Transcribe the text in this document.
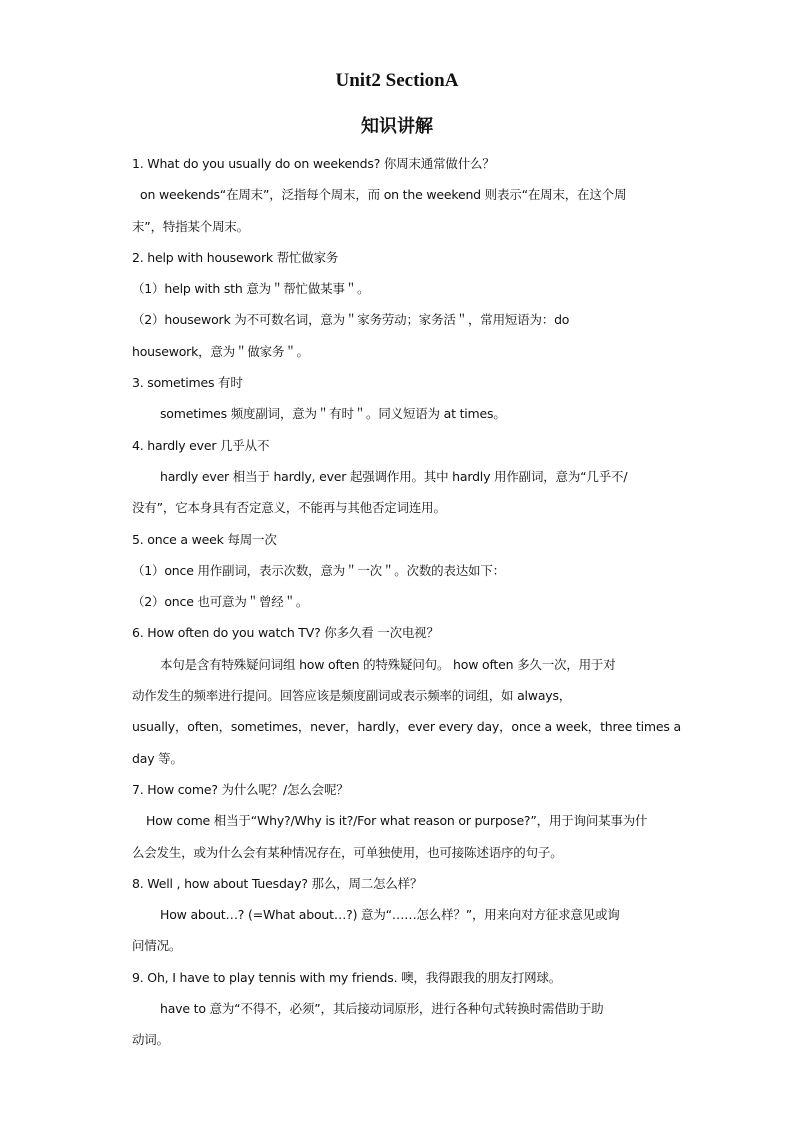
Unit2 SectionA
知识讲解
1. What do you usually do on weekends? 你周末通常做什么？
on weekends“在周末”，泛指每个周末，而 on the weekend 则表示“在周末，在这个周
末”，特指某个周末。
2. help with housework 帮忙做家务
（1）help with sth 意为＂帮忙做某事＂。
（2）housework 为不可数名词，意为＂家务劳动；家务活＂，常用短语为：do
housework，意为＂做家务＂。
3. sometimes 有时
sometimes 频度副词，意为＂有时＂。同义短语为 at times。
4. hardly ever 几乎从不
hardly ever 相当于 hardly, ever 起强调作用。其中 hardly 用作副词，意为“几乎不/
没有”，它本身具有否定意义，不能再与其他否定词连用。
5. once a week 每周一次
（1）once 用作副词，表示次数，意为＂一次＂。次数的表达如下：
（2）once 也可意为＂曾经＂。
6. How often do you watch TV? 你多久看 一次电视？
本句是含有特殊疑问词组 how often 的特殊疑问句。 how often 多久一次，用于对
动作发生的频率进行提问。回答应该是频度副词或表示频率的词组，如 always，
usually，often，sometimes，never，hardly，ever every day，once a week，three times a
day 等。
7. How come? 为什么呢？/怎么会呢？
How come 相当于“Why?/Why is it?/For what reason or purpose?”，用于询问某事为什
么会发生，或为什么会有某种情况存在，可单独使用，也可接陈述语序的句子。
8. Well , how about Tuesday? 那么，周二怎么样？
How about…? (=What about…?) 意为“……怎么样？”，用来向对方征求意见或询
问情况。
9. Oh, I have to play tennis with my friends. 噢，我得跟我的朋友打网球。
have to 意为“不得不，必须”，其后接动词原形，进行各种句式转换时需借助于助
动词。
